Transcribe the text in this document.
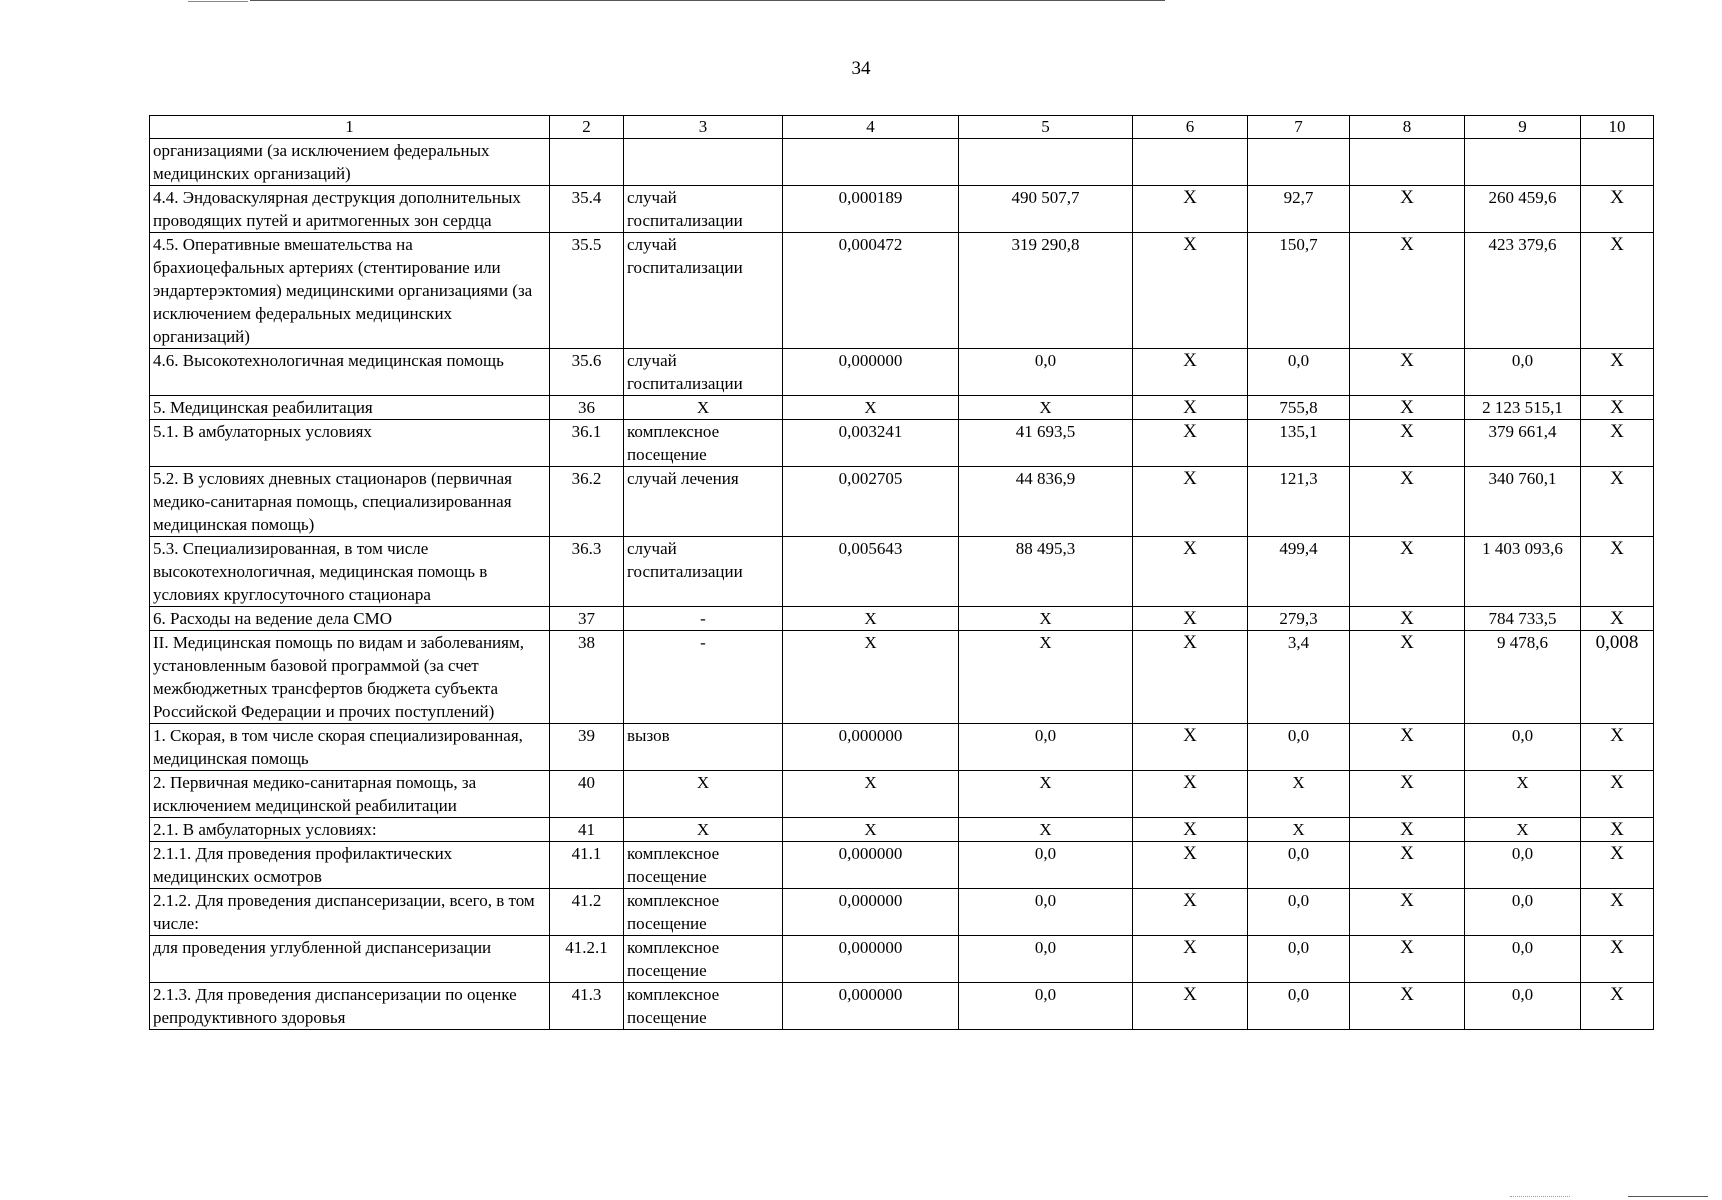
34
1	2	3	4	5	6	7	8	9	10
организациями (за исключением федеральных медицинских организаций)									
4.4. Эндоваскулярная деструкция дополнительных проводящих путей и аритмогенных зон сердца	35.4	случай госпитализации	0,000189	490 507,7	Х	92,7	Х	260 459,6	Х
4.5. Оперативные вмешательства на брахиоцефальных артериях (стентирование или эндартерэктомия) медицинскими организациями (за исключением федеральных медицинских организаций)	35.5	случай госпитализации	0,000472	319 290,8	Х	150,7	Х	423 379,6	Х
4.6. Высокотехнологичная медицинская помощь	35.6	случай госпитализации	0,000000	0,0	Х	0,0	Х	0,0	Х
5. Медицинская реабилитация	36	Х	Х	Х	Х	755,8	Х	2 123 515,1	Х
5.1. В амбулаторных условиях	36.1	комплексное посещение	0,003241	41 693,5	Х	135,1	Х	379 661,4	Х
5.2. В условиях дневных стационаров (первичная медико-санитарная помощь, специализированная медицинская помощь)	36.2	случай лечения	0,002705	44 836,9	Х	121,3	Х	340 760,1	Х
5.3. Специализированная, в том числе высокотехнологичная, медицинская помощь в условиях круглосуточного стационара	36.3	случай госпитализации	0,005643	88 495,3	Х	499,4	Х	1 403 093,6	Х
6. Расходы на ведение дела СМО	37	-	Х	Х	Х	279,3	Х	784 733,5	Х
II. Медицинская помощь по видам и заболеваниям, установленным базовой программой (за счет межбюджетных трансфертов бюджета субъекта Российской Федерации и прочих поступлений)	38	-	Х	Х	Х	3,4	Х	9 478,6	0,008
1. Скорая, в том числе скорая специализированная, медицинская помощь	39	вызов	0,000000	0,0	Х	0,0	Х	0,0	Х
2. Первичная медико-санитарная помощь, за исключением медицинской реабилитации	40	Х	Х	Х	Х	Х	Х	Х	Х
2.1. В амбулаторных условиях:	41	Х	Х	Х	Х	Х	Х	Х	Х
2.1.1. Для проведения профилактических медицинских осмотров	41.1	комплексное посещение	0,000000	0,0	Х	0,0	Х	0,0	Х
2.1.2. Для проведения диспансеризации, всего, в том числе:	41.2	комплексное посещение	0,000000	0,0	Х	0,0	Х	0,0	Х
для проведения углубленной диспансеризации	41.2.1	комплексное посещение	0,000000	0,0	Х	0,0	Х	0,0	Х
2.1.3. Для проведения диспансеризации по оценке репродуктивного здоровья	41.3	комплексное посещение	0,000000	0,0	Х	0,0	Х	0,0	Х
